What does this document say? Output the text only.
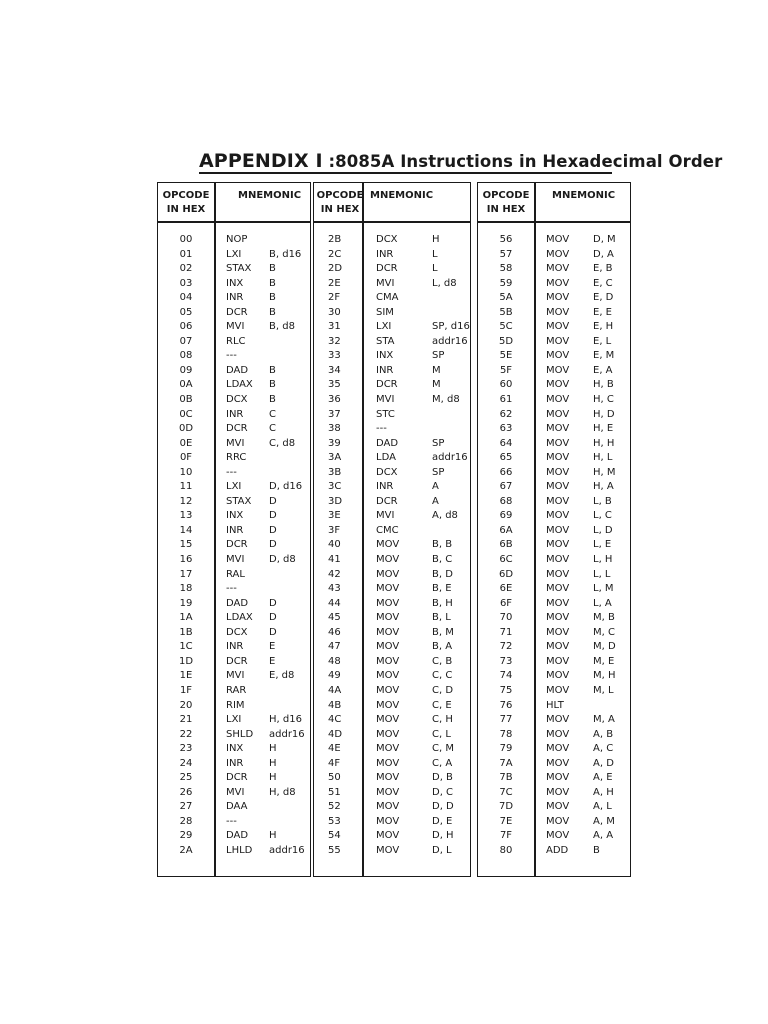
APPENDIX I :8085A Instructions in Hexadecimal Order
OPCODE
IN HEX
MNEMONIC
00	NOP
01	LXI	B, d16
02	STAX B
03	INX	B
04	INR	B
05	DCR B
06	MVI B, d8
07	RLC
08	---
09	DAD B
0A	LDAX B
0B	DCX B
0C	INR	C
0D	DCR C
0E	MVI C, d8
0F	RRC
10	---
11	LXI	D, d16
12	STAX D
13	INX	D
14	INR	D
15	DCR D
16	MVI D, d8
17	RAL
18	---
19	DAD D
1A	LDAX D
1B	DCX D
1C	INR	E
1D	DCR E
1E	MVI E, d8
1F	RAR
20	RIM
21	LXI	H, d16
22	SHLD addr16
23	INX	H
24	INR	H
25	DCR H
26	MVI H, d8
27	DAA
28	---
29	DAD H
2A	LHLD addr16
OPCODE
IN HEX
MNEMONIC
2B	DCX	H
2C	INR	L
2D	DCR	L
2E	MVI	L, d8
2F	CMA
30	SIM
31	LXI	SP, d16
32	STA	addr16
33	INX	SP
34	INR	M
35	DCR	M
36	MVI	M, d8
37	STC
38	---
39	DAD	SP
3A	LDA	addr16
3B	DCX	SP
3C	INR	A
3D	DCR	A
3E	MVI	A, d8
3F	CMC
40	MOV	B, B
41	MOV	B, C
42	MOV	B, D
43	MOV	B, E
44	MOV	B, H
45	MOV	B, L
46	MOV	B, M
47	MOV	B, A
48	MOV	C, B
49	MOV	C, C
4A	MOV	C, D
4B	MOV	C, E
4C	MOV	C, H
4D	MOV	C, L
4E	MOV	C, M
4F	MOV	C, A
50	MOV	D, B
51	MOV	D, C
52	MOV	D, D
53	MOV	D, E
54	MOV	D, H
55	MOV	D, L
OPCODE
IN HEX
MNEMONIC
56	MOV D, M
57	MOV D, A
58	MOV E, B
59	MOV E, C
5A	MOV E, D
5B	MOV E, E
5C	MOV E, H
5D	MOV E, L
5E	MOV E, M
5F	MOV E, A
60	MOV H, B
61	MOV H, C
62	MOV H, D
63	MOV H, E
64	MOV H, H
65	MOV H, L
66	MOV H, M
67	MOV H, A
68	MOV L, B
69	MOV L, C
6A	MOV L, D
6B	MOV L, E
6C	MOV L, H
6D	MOV L, L
6E	MOV L, M
6F	MOV L, A
70	MOV M, B
71	MOV M, C
72	MOV M, D
73	MOV M, E
74	MOV M, H
75	MOV M, L
76	HLT
77	MOV M, A
78	MOV A, B
79	MOV A, C
7A	MOV A, D
7B	MOV A, E
7C	MOV A, H
7D	MOV A, L
7E	MOV A, M
7F	MOV A, A
80	ADD B
